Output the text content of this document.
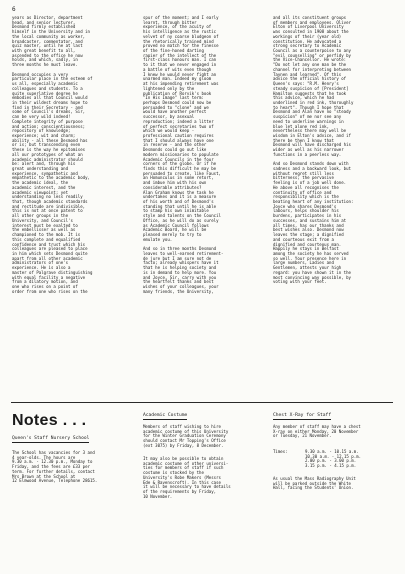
6
years as Director, department
head, and senior lecturer,
Desmond firmly established
himself in the University and in
the local community as worker,
broadcaster, commentator, and
quiz master, until he at last
with great benefit to all,
ascended to the office he now
holds, and which, sadly, in
three months he must leave.

Desmond occupies a very
particular place in the esteem of
us all, especially academic
colleagues and students. To a
quite superlative degree he
embodies all that Council would
in their wildest dreams hope to
find in their Secretary - and
some of Council's dreams, Sir,
can be very wild indeed!
Complete integrity of purpose
and action; conscientiousness;
repository of knowledge;
experience; wit and charm;
ability - all these Desmond has
or is; but transcending even
these is the way he epitomises
all our prototypes of what an
academic administrator should
be: alert and, through his
great understanding and
experience, sympathetic and
empathetic to the academic body,
the academic ideal, the
academic interest, and the
academic viewpoint; yet
understanding no less readily
that, though academic standards
and rectitude are indivisible,
this is not at once patent to
all other groups in the
University, and Council's
interest must be exalted to
the embellisser as well as
championed to the mob. It is
this complete and equalified
confidence and trust which his
colleagues are pleased to place
in him which sets Desmond quite
apart from all other academic
administrators of one's
experience. He is also a
master of Palgrave distinguishing
with equal facility a negative
from a dilatory motion, and
one who rises on a point of
order from one who rises on the
spur of the moment; and I early
learnt, through bitter
experience, of the acuity of
his intelligence as the rustic
velvet of ny coarse bludgeon of
the rhetorically trained mind
proved no match for the finesse
of the fine-honed darting
rapier of the intellect of the
first-class honours man. I can
to it that we never engaged in
a battle of wits even though
I knew he would never fight an
unarmed man. Indeed my gloom
at his impending retirement was
lightened only by the
publication of Rorvik's book
"In His Image" last term:
perhaps Desmond could now be
persuaded to "clone" and we
would have another perfect
successor, by asexual
reproduction; indeed a litter
of perfect secretaries two of
which we would keep -
professional caution requires
that I should always have one
in reserve - and the other
Desmonds could go out like
modern missionaries to populate
Academic Councils in the four
corners of the globe. Or if he
finds this difficult he may be
persuaded to create, like Faust,
an Homunculus in some retort,
and imbue him with his own
considerable attributes?
Alan Graham knows the task he
undertakes and it is a measure
of his worth and of Desmond's
standing that until he is able
to stamp his own inimitable
style and talents on the Council
Office, as he will do as surely
as Academic Council follows
Academic Board, he will be
pleased merely to try to
emulate you.

And so in three months Desmond
leaves to well-earned retirement-
de jure but I am sure not de
facto; already whispers have it
that he is helping society and
is in demand to help more. You
and Joyce, Sir, carry with you
the heartfelt thanks and best
wishes of your colleagues, your
many friends, the University,
and all its constituent groups
of members and employees. Oliver
Elton of Liverpool University
was consulted in 1908 about the
workings of their (year old)
constitution. He advocated a
strong secretary to Academic
Council as a counterpoise to any
"evil counselling" or perfidy by
the Vice-Chancellor. He wrote:
"Do not let any one man be the
channel for interpreting between
Taynen and learned". Of this
advice the official history of
Queen's says: "R.M. Henry's
steady suspicion of [President]
Hamilton suggests that he took
this advice, which he had
underlined in red ink, thoroughly
to heart". Though I hope that
Desmond and Alan have no "steady
suspicion" of me nor see any
need to underline warnings in
blue let alone red ink,
nevertheless there may well be
wisdom in Elton's advice, and if
there be then I know that
Desmond will have discharged his
wider as well as his narrower
functions in a peerless way.

And so Desmond stands down with
sadness and a backward look, but
without regret still less
bitterness; the pervasive
feeling is of a job well done.
He above all recognises the
continuity of office and
responsibility which is the
beating heart of any institution:
Joyce who shares Desmond's
labours, helps shoulder his
burdens, participates in his
successes, and sustains him at
all times, has our thanks and
best wishes also. Desmond now
leaves the stage; a dignified
and courteous exit from a
dignified and courteous man.
Happily he stays in Belfast
among the society he has served
so well. Your presence here in
large numbers, Ladies and
Gentlemen, attests your high
regard: you have shown it in the
most convincing way possible, by
voting with your feet.
Notes . . .
Queen's Staff Nursery School
The School has vacancies for 3 and
4 year-olds. The hours are
9.30 a.m. - 12.30 p.m., Monday to
Friday, and the fees are £33 per
term. For further details, contact
Mrs Brown at the School at
12 Elmwood Avenue, Telephone 28615.
Academic Costume
Members of staff wishing to hire
academic costume of this University
for the Winter Graduation Ceremony
should contact Mr Topping's Office
(ext 3075) by Friday, 8 December.
It may also be possible to obtain
academic costume of other universi-
ties for members of staff if such
costume is stocked by the
University's Robe Makers (Messrs
Ede & Ravenscroft). In this case
it will be necessary to have details
of the requirements by Friday,
10 November.
Chest X-Ray for Staff
Any member of staff may have a chest
X-ray on either Monday, 20 November
or Tuesday, 21 November.
Times:	9.30 a.m. - 10.15 a.m.
10.30 a.m. - 12.15 p.m.
2.00 p.m. - 3.00 p.m.
3.15 p.m. - 4.15 p.m.
As usual the Mass Radiography Unit
will be parked outside the White
Hall, facing the Students' Union.
